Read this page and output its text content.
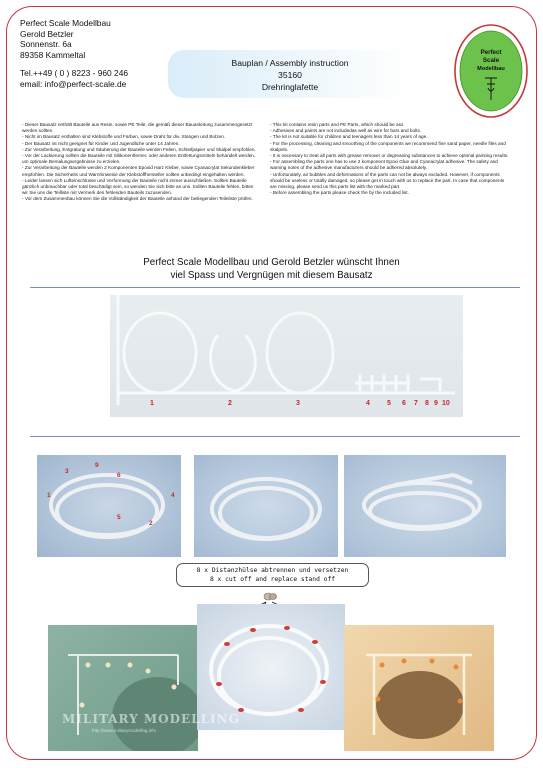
Perfect Scale Modellbau
Gerold Betzler
Sonnenstr. 6a
89358 Kammeltal
Tel.++49 ( 0 ) 8223 - 960 246
email: info@perfect-scale.de
Bauplan / Assembly instruction
35160
Drehringlafette
Perfect
Scale
Modellbau

- Dieser Bausatz enthält Bauteile aus Resin, sowie PE Teile, die gemäß dieser Bauanleitung zusammengesetzt werden sollten.

- Nicht im Bausatz enthalten sind Klebstoffe und Farben, sowie Draht für div. Stangen und Bolzen.

- Der Bausatz ist nicht geeignet für Kinder und Jugendliche unter 14 Jahren.

- Zur Verarbeitung, Entgratung und Säuberung der Bauteile werden Feilen, Schleifpapier und Skalpel empfohlen.

- Vor der Lackierung sollten die Bauteile mit Silikonentferner, oder anderen Entfettungsmitteln behandelt werden, um optimale Bemalungsergebnisse zu erzielen.

- Zur Verarbeitung der Bauteile werden 2 Komponenten Epoxid Harz Kleber, sowie Cyanacrylat Sekundenkleber empfohlen. Die Sicherheits und Warnhinweise der Klebstoffhersteller sollten unbedingt eingehalten werden.

- Leider lassen sich Lufteinschlüsse und Verformung der Bauteile nicht immer ausschließen. Sollten Bauteile gänzlich unbrauchbar oder total beschädigt sein, so wenden Sie sich bitte an uns. Sollten Bauteile fehlen, bitten wir Sie uns die Teilliste mit Vermerk des fehlenden Bauteils zuzusenden.

- Vor dem Zusammenbau können Sie die Vollständigkeit der Bauteile anhand der beiliegenden Teileliste prüfen.

- This kit contains resin parts and PE Parts, which should be ass

- Adhesives and paints are not includedas well as wire for bars and bolts.

- The kit is not suitable for children and teenagers less than 14 years of age.

- For the processing, cleaning and smoothing of the components we recommend fine sand paper, needle files and skalpels.

- It is necessary to treat all parts with grease remover or degreasing substances to achieve optimal painting results.

- For assembling the parts one has to use 2 komponent Epoxi Glue and Cyanacrylat adhesive. The safety and warning notes of the adhesive manufacturers should be adhered absolutely.

- Unfortunately, air bubbles and deformations of the parts can not be always excluded. However, if components should be useless or totally damaged, so please get in touch with us to replace the part. In case that components are missing, please send us this parts list with the marked part.

- Before assembling the parts please check the by the included list.

Perfect Scale Modellbau und Gerold Betzler wünscht Ihnen
viel Spass und Vergnügen mit diesem Bausatz
1	2	3	4 5 6 7 8 9 10
3
9
6
1	4
5
2
8 x Distanzhülse abtrennen und versetzen
8 x cut off and replace stand off
MILITARY MODELLING
http://www.militarymodelling.info
